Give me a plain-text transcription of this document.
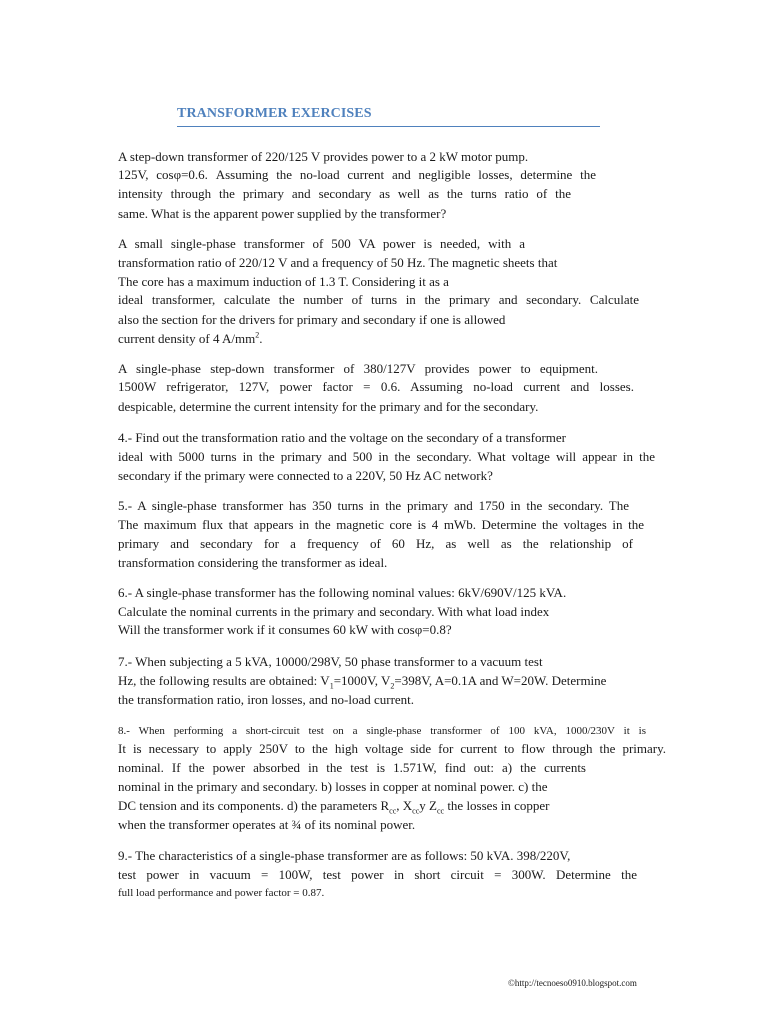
TRANSFORMER EXERCISES
A step-down transformer of 220/125 V provides power to a 2 kW motor pump.
125V, cosφ=0.6. Assuming the no-load current and negligible losses, determine the
intensity through the primary and secondary as well as the turns ratio of the
same. What is the apparent power supplied by the transformer?
A small single-phase transformer of 500 VA power is needed, with a
transformation ratio of 220/12 V and a frequency of 50 Hz. The magnetic sheets that
The core has a maximum induction of 1.3 T. Considering it as a
ideal transformer, calculate the number of turns in the primary and secondary. Calculate
also the section for the drivers for primary and secondary if one is allowed
current density of 4 $A/mm^2$.
A single-phase step-down transformer of 380/127V provides power to equipment.
1500W refrigerator, 127V, power factor = 0.6. Assuming no-load current and losses.
despicable, determine the current intensity for the primary and for the secondary.
4.- Find out the transformation ratio and the voltage on the secondary of a transformer
ideal with 5000 turns in the primary and 500 in the secondary. What voltage will appear in the
secondary if the primary were connected to a 220V, 50 Hz AC network?
5.- A single-phase transformer has 350 turns in the primary and 1750 in the secondary. The
The maximum flux that appears in the magnetic core is 4 mWb. Determine the voltages in the
primary and secondary for a frequency of 60 Hz, as well as the relationship of
transformation considering the transformer as ideal.
6.- A single-phase transformer has the following nominal values: 6kV/690V/125 kVA.
Calculate the nominal currents in the primary and secondary. With what load index
Will the transformer work if it consumes 60 kW with cosφ=0.8?
7.- When subjecting a 5 kVA, 10000/298V, 50 phase transformer to a vacuum test
Hz, the following results are obtained: $V_1=1000V$, $V_2=398V$, A=0.1A and W=20W. Determine
the transformation ratio, iron losses, and no-load current.
8.- When performing a short-circuit test on a single-phase transformer of 100 kVA, 1000/230V it is
It is necessary to apply 250V to the high voltage side for current to flow through the primary.
nominal. If the power absorbed in the test is 1.571W, find out: a) the currents
nominal in the primary and secondary. b) losses in copper at nominal power. c) the
DC tension and its components. d) the parameters $R_{cc}$, $X_{cc}y$ $Z_{cc}$ the losses in copper
when the transformer operates at ¾ of its nominal power.
9.- The characteristics of a single-phase transformer are as follows: 50 kVA. 398/220V,
test power in vacuum = 100W, test power in short circuit = 300W. Determine the
full load performance and power factor = 0.87.
©http://tecnoeso0910.blogspot.com
